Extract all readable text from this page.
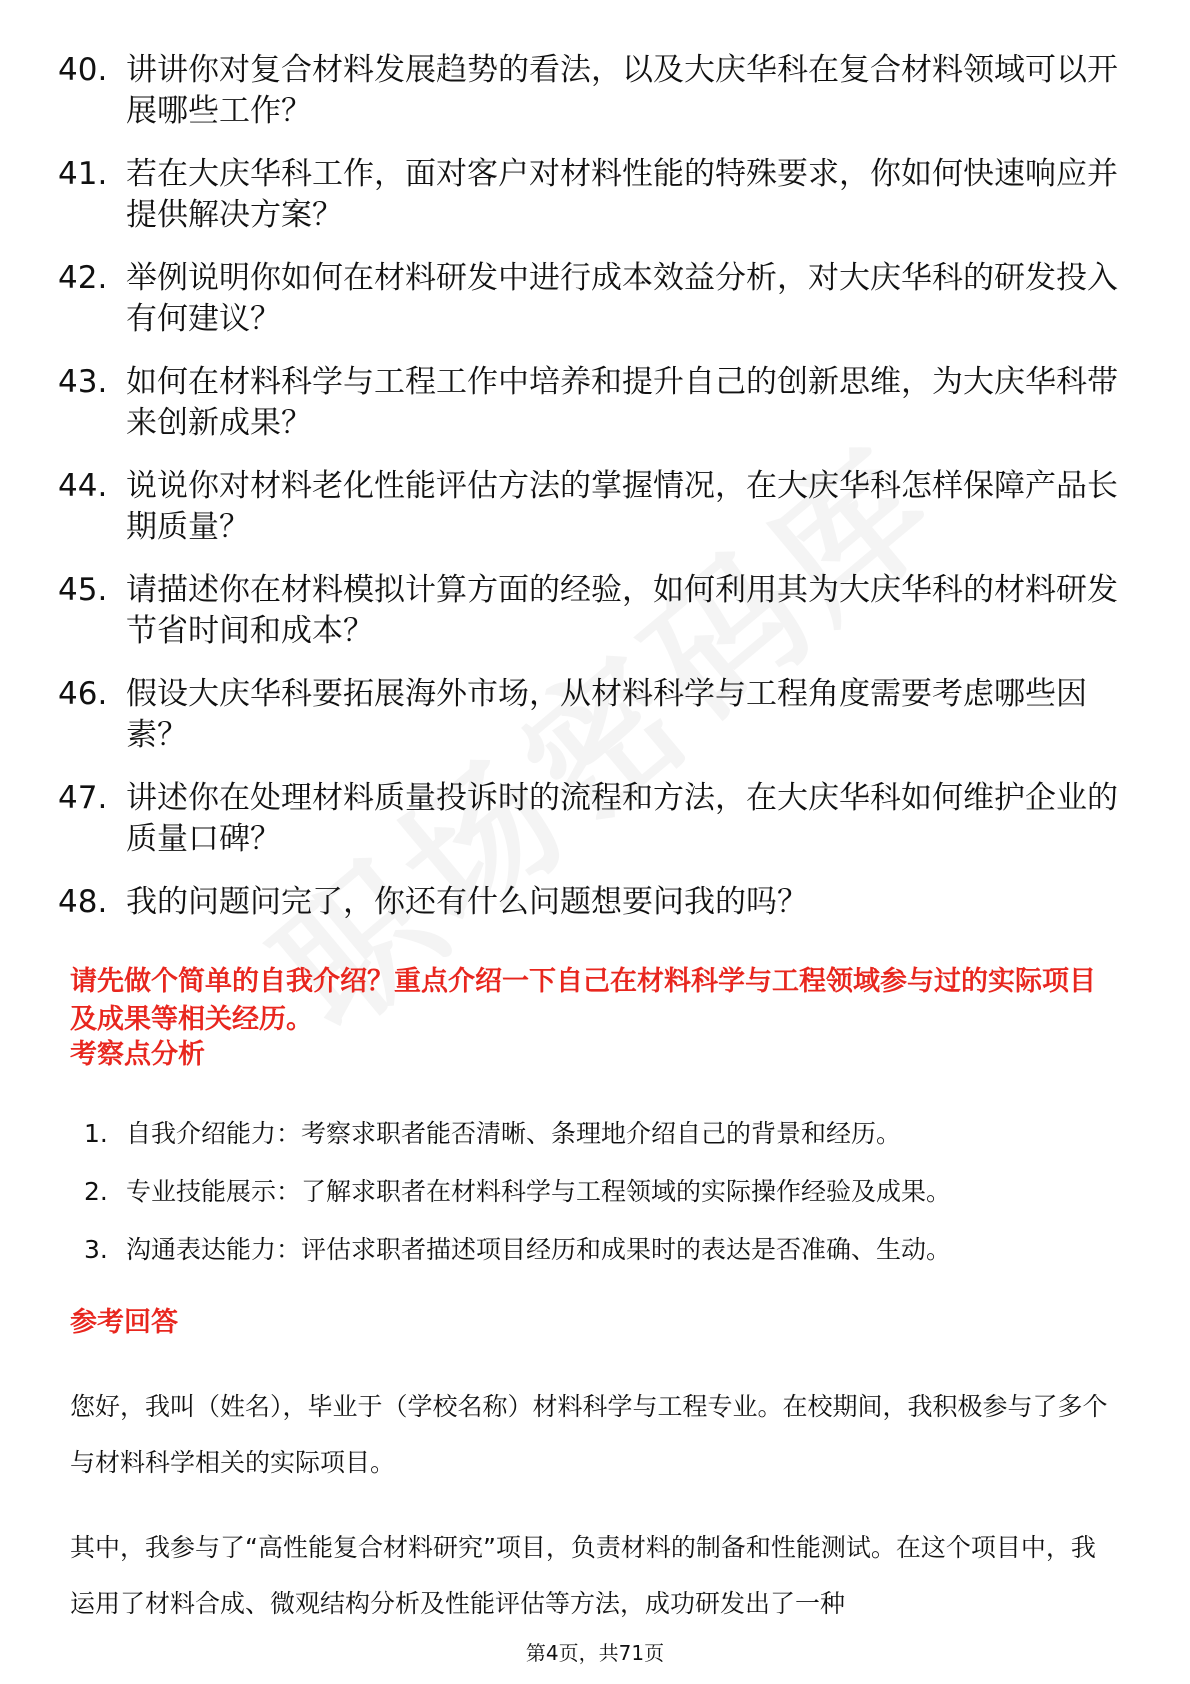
40. 讲讲你对复合材料发展趋势的看法，以及大庆华科在复合材料领域可以开展哪些工作？
41. 若在大庆华科工作，面对客户对材料性能的特殊要求，你如何快速响应并提供解决方案？
42. 举例说明你如何在材料研发中进行成本效益分析，对大庆华科的研发投入有何建议？
43. 如何在材料科学与工程工作中培养和提升自己的创新思维，为大庆华科带来创新成果？
44. 说说你对材料老化性能评估方法的掌握情况，在大庆华科怎样保障产品长期质量？
45. 请描述你在材料模拟计算方面的经验，如何利用其为大庆华科的材料研发节省时间和成本？
46. 假设大庆华科要拓展海外市场，从材料科学与工程角度需要考虑哪些因素？
47. 讲述你在处理材料质量投诉时的流程和方法，在大庆华科如何维护企业的质量口碑？
48. 我的问题问完了，你还有什么问题想要问我的吗？
请先做个简单的自我介绍？重点介绍一下自己在材料科学与工程领域参与过的实际项目及成果等相关经历。
考察点分析
1. 自我介绍能力：考察求职者能否清晰、条理地介绍自己的背景和经历。
2. 专业技能展示：了解求职者在材料科学与工程领域的实际操作经验及成果。
3. 沟通表达能力：评估求职者描述项目经历和成果时的表达是否准确、生动。
参考回答

您好，我叫（姓名），毕业于（学校名称）材料科学与工程专业。在校期间，我积极参与了多个与材料科学相关的实际项目。

其中，我参与了“高性能复合材料研究”项目，负责材料的制备和性能测试。在这个项目中，我运用了材料合成、微观结构分析及性能评估等方法，成功研发出了一种

第4页，共71页
